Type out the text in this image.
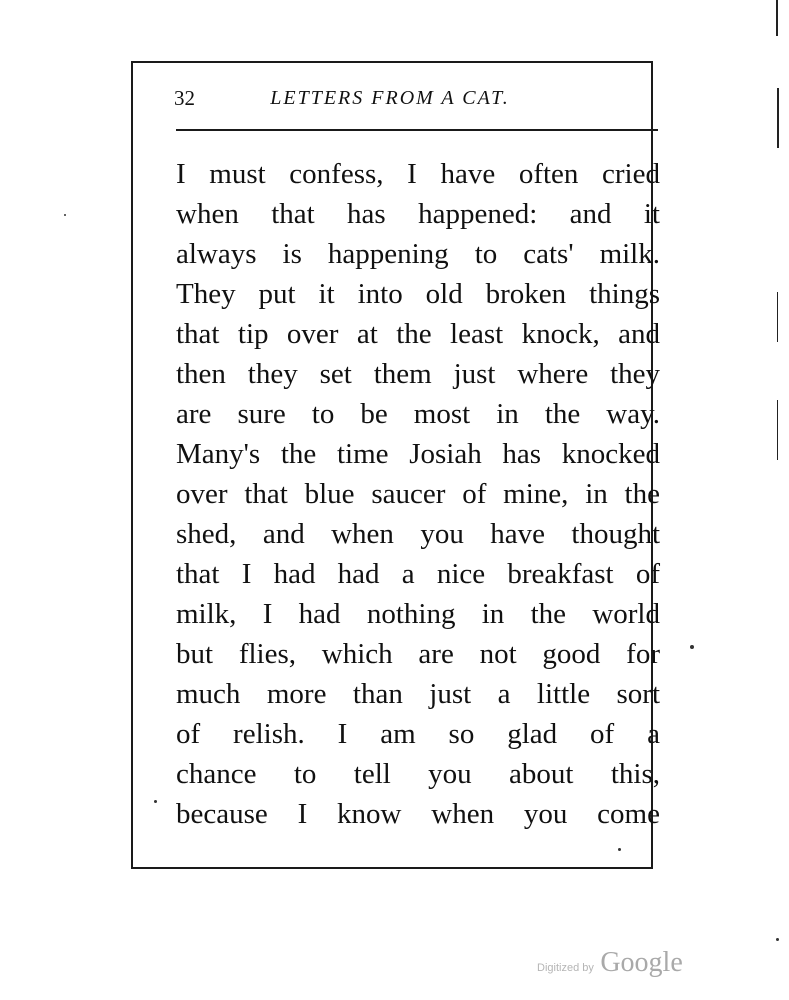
32	LETTERS FROM A CAT.
I must confess, I have often cried
when that has happened: and it
always is happening to cats' milk.
They put it into old broken things
that tip over at the least knock, and
then they set them just where they
are sure to be most in the way.
Many's the time Josiah has knocked
over that blue saucer of mine, in the
shed, and when you have thought
that I had had a nice breakfast of
milk, I had nothing in the world
but flies, which are not good for
much more than just a little sort
of relish. I am so glad of a
chance to tell you about this,
because I know when you come
Digitized by Google
